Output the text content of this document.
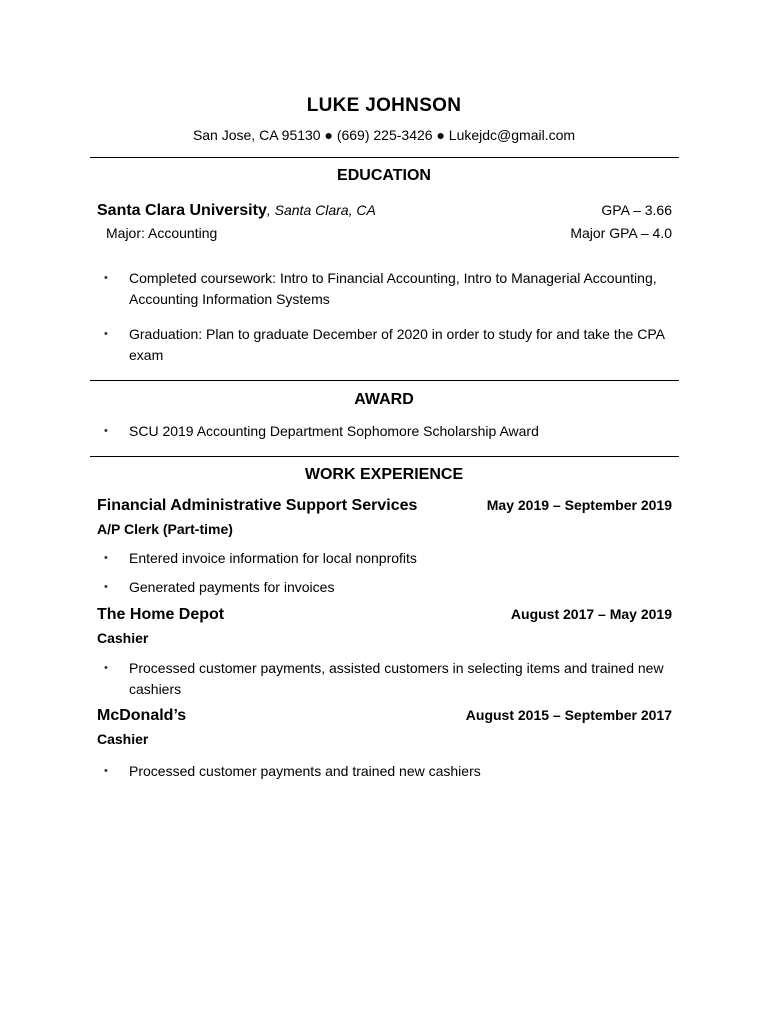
LUKE JOHNSON
San Jose, CA 95130 ● (669) 225-3426 ● Lukejdc@gmail.com
EDUCATION
Santa Clara University, Santa Clara, CA	GPA – 3.66
Major: Accounting	Major GPA – 4.0
• Completed coursework: Intro to Financial Accounting, Intro to Managerial Accounting, Accounting Information Systems
• Graduation: Plan to graduate December of 2020 in order to study for and take the CPA exam
AWARD
• SCU 2019 Accounting Department Sophomore Scholarship Award
WORK EXPERIENCE
Financial Administrative Support Services	May 2019 – September 2019
A/P Clerk (Part-time)
• Entered invoice information for local nonprofits
• Generated payments for invoices
The Home Depot	August 2017 – May 2019
Cashier
• Processed customer payments, assisted customers in selecting items and trained new cashiers
McDonald’s	August 2015 – September 2017
Cashier
• Processed customer payments and trained new cashiers
